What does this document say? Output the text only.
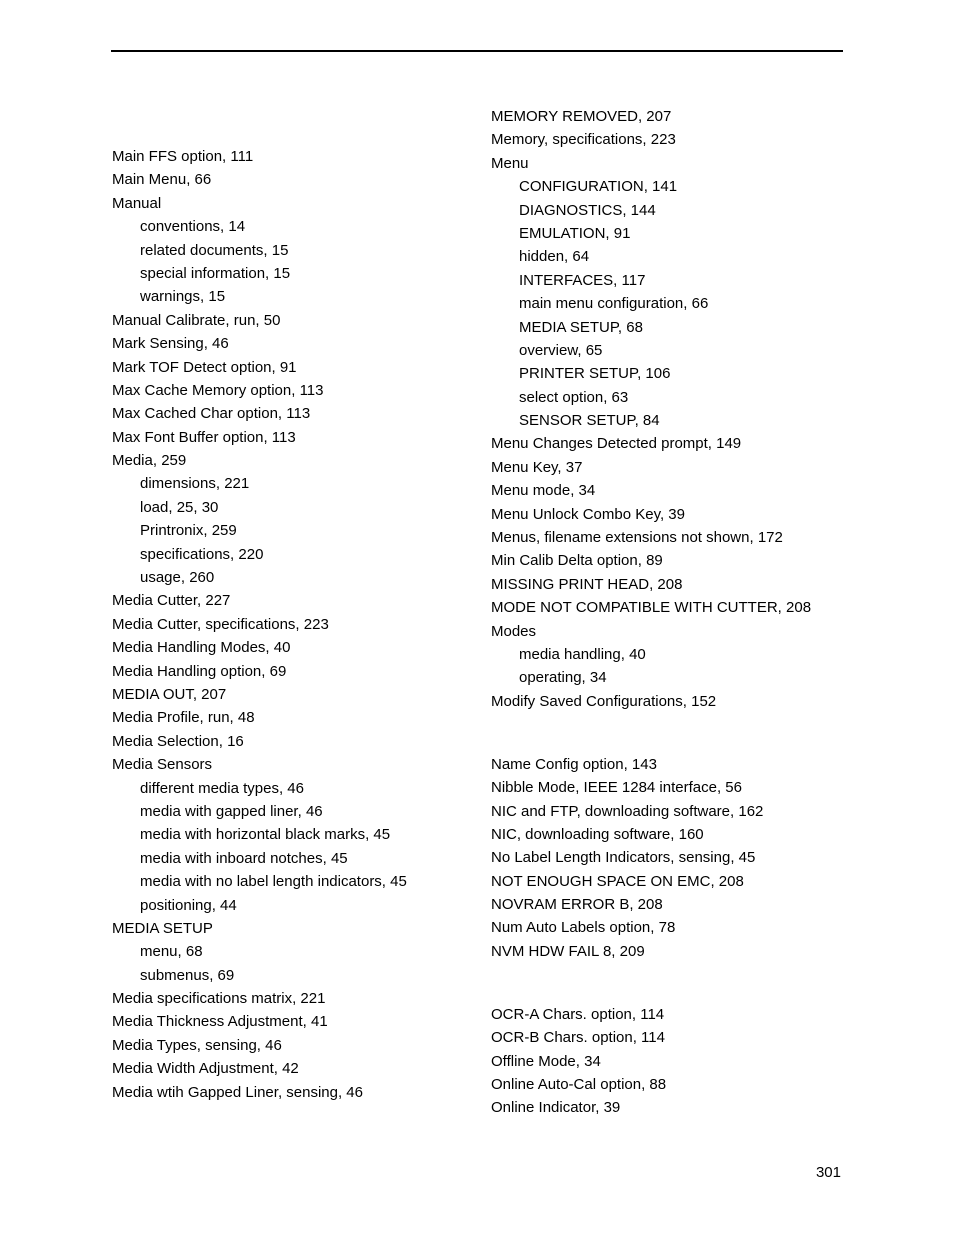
Main FFS option, 111
Main Menu, 66
Manual
conventions, 14
related documents, 15
special information, 15
warnings, 15
Manual Calibrate, run, 50
Mark Sensing, 46
Mark TOF Detect option, 91
Max Cache Memory option, 113
Max Cached Char option, 113
Max Font Buffer option, 113
Media, 259
dimensions, 221
load, 25, 30
Printronix, 259
specifications, 220
usage, 260
Media Cutter, 227
Media Cutter, specifications, 223
Media Handling Modes, 40
Media Handling option, 69
MEDIA OUT, 207
Media Profile, run, 48
Media Selection, 16
Media Sensors
different media types, 46
media with gapped liner, 46
media with horizontal black marks, 45
media with inboard notches, 45
media with no label length indicators, 45
positioning, 44
MEDIA SETUP
menu, 68
submenus, 69
Media specifications matrix, 221
Media Thickness Adjustment, 41
Media Types, sensing, 46
Media Width Adjustment, 42
Media wtih Gapped Liner, sensing, 46
MEMORY REMOVED, 207
Memory, specifications, 223
Menu
CONFIGURATION, 141
DIAGNOSTICS, 144
EMULATION, 91
hidden, 64
INTERFACES, 117
main menu configuration, 66
MEDIA SETUP, 68
overview, 65
PRINTER SETUP, 106
select option, 63
SENSOR SETUP, 84
Menu Changes Detected prompt, 149
Menu Key, 37
Menu mode, 34
Menu Unlock Combo Key, 39
Menus, filename extensions not shown, 172
Min Calib Delta option, 89
MISSING PRINT HEAD, 208
MODE NOT COMPATIBLE WITH CUTTER, 208
Modes
media handling, 40
operating, 34
Modify Saved Configurations, 152
Name Config option, 143
Nibble Mode, IEEE 1284 interface, 56
NIC and FTP, downloading software, 162
NIC, downloading software, 160
No Label Length Indicators, sensing, 45
NOT ENOUGH SPACE ON EMC, 208
NOVRAM ERROR B, 208
Num Auto Labels option, 78
NVM HDW FAIL 8, 209
OCR-A Chars. option, 114
OCR-B Chars. option, 114
Offline Mode, 34
Online Auto-Cal option, 88
Online Indicator, 39
301
